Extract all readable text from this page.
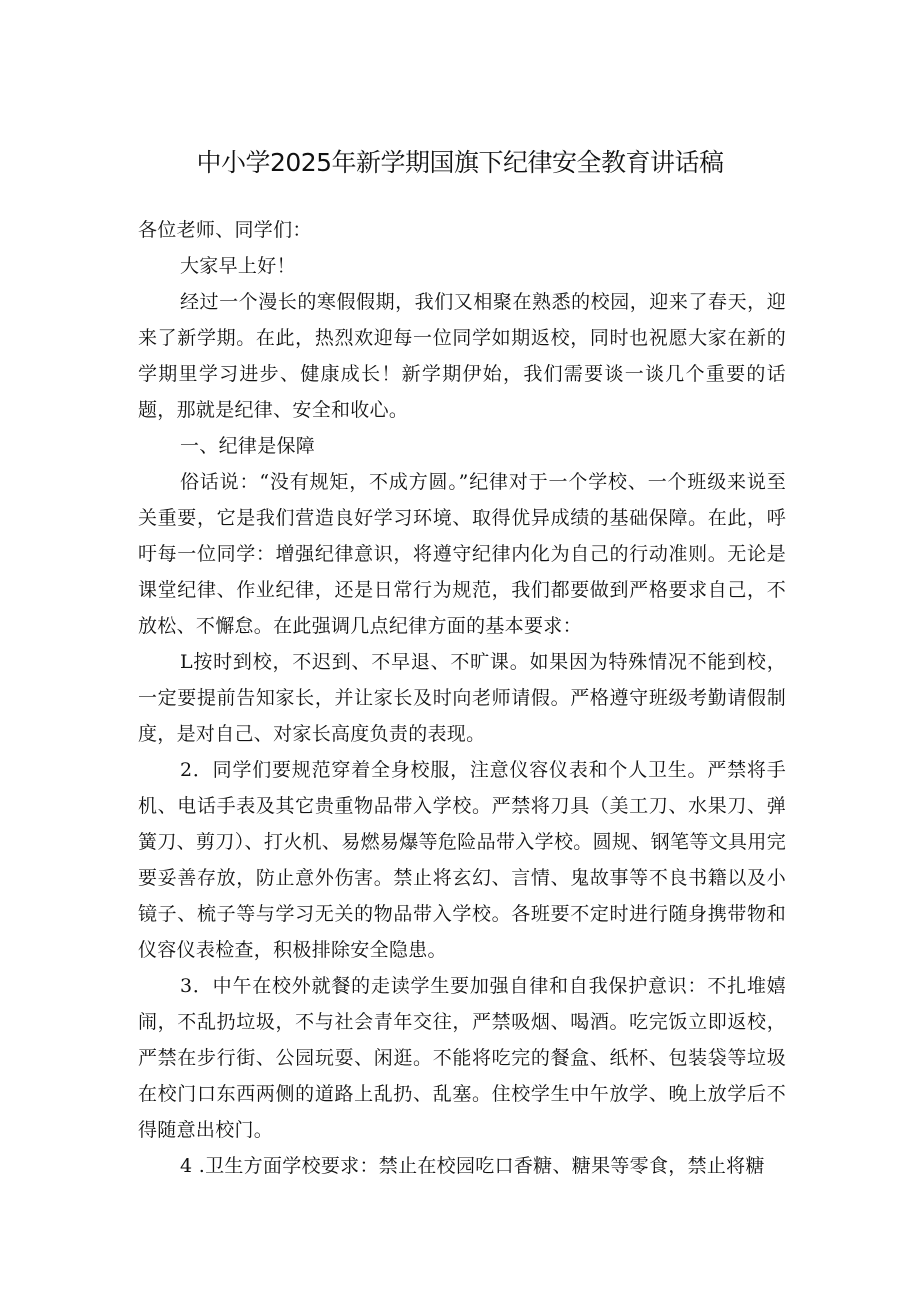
中小学2025年新学期国旗下纪律安全教育讲话稿

各位老师、同学们：

大家早上好！

经过一个漫长的寒假假期，我们又相聚在熟悉的校园，迎来了春天，迎来了新学期。在此，热烈欢迎每一位同学如期返校，同时也祝愿大家在新的学期里学习进步、健康成长！新学期伊始，我们需要谈一谈几个重要的话题，那就是纪律、安全和收心。

一、纪律是保障

俗话说：“没有规矩，不成方圆。”纪律对于一个学校、一个班级来说至关重要，它是我们营造良好学习环境、取得优异成绩的基础保障。在此，呼吁每一位同学：增强纪律意识，将遵守纪律内化为自己的行动准则。无论是课堂纪律、作业纪律，还是日常行为规范，我们都要做到严格要求自己，不放松、不懈怠。在此强调几点纪律方面的基本要求：

L按时到校，不迟到、不早退、不旷课。如果因为特殊情况不能到校，一定要提前告知家长，并让家长及时向老师请假。严格遵守班级考勤请假制度，是对自己、对家长高度负责的表现。

2．同学们要规范穿着全身校服，注意仪容仪表和个人卫生。严禁将手机、电话手表及其它贵重物品带入学校。严禁将刀具（美工刀、水果刀、弹簧刀、剪刀）、打火机、易燃易爆等危险品带入学校。圆规、钢笔等文具用完要妥善存放，防止意外伤害。禁止将玄幻、言情、鬼故事等不良书籍以及小镜子、梳子等与学习无关的物品带入学校。各班要不定时进行随身携带物和仪容仪表检查，积极排除安全隐患。

3．中午在校外就餐的走读学生要加强自律和自我保护意识：不扎堆嬉闹，不乱扔垃圾，不与社会青年交往，严禁吸烟、喝酒。吃完饭立即返校，严禁在步行街、公园玩耍、闲逛。不能将吃完的餐盒、纸杯、包装袋等垃圾在校门口东西两侧的道路上乱扔、乱塞。住校学生中午放学、晚上放学后不得随意出校门。

4 .卫生方面学校要求：禁止在校园吃口香糖、糖果等零食，禁止将糖
